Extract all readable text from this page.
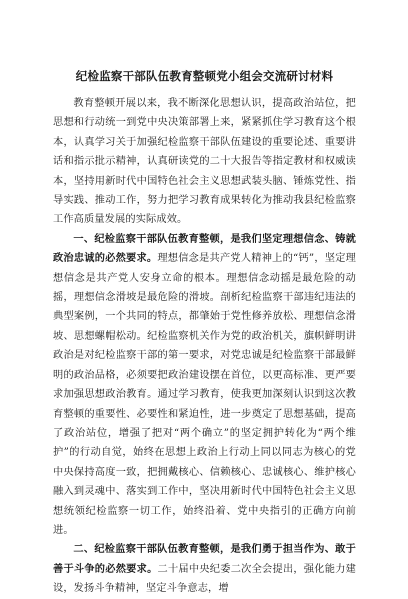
纪检监察干部队伍教育整顿党小组会交流研讨材料

教育整顿开展以来，我不断深化思想认识，提高政治站位，把思想和行动统一到党中央决策部署上来，紧紧抓住学习教育这个根本，认真学习关于加强纪检监察干部队伍建设的重要论述、重要讲话和指示批示精神，认真研读党的二十大报告等指定教材和权威读本，坚持用新时代中国特色社会主义思想武装头脑、锤炼党性、指导实践、推动工作，努力把学习教育成果转化为推动我县纪检监察工作高质量发展的实际成效。

一、纪检监察干部队伍教育整顿，是我们坚定理想信念、铸就政治忠诚的必然要求。理想信念是共产党人精神上的“钙”，坚定理想信念是共产党人安身立命的根本。理想信念动摇是最危险的动摇，理想信念滑坡是最危险的滑坡。剖析纪检监察干部违纪违法的典型案例，一个共同的特点，都肇始于党性修养放松、理想信念滑坡、思想螺帽松动。纪检监察机关作为党的政治机关，旗帜鲜明讲政治是对纪检监察干部的第一要求，对党忠诚是纪检监察干部最鲜明的政治品格，必须要把政治建设摆在首位，以更高标准、更严要求加强思想政治教育。通过学习教育，使我更加深刻认识到这次教育整顿的重要性、必要性和紧迫性，进一步奠定了思想基础，提高了政治站位，增强了把对“两个确立”的坚定拥护转化为“两个维护”的行动自觉，始终在思想上政治上行动上同以同志为核心的党中央保持高度一致，把拥戴核心、信赖核心、忠诚核心、维护核心融入到灵魂中、落实到工作中，坚决用新时代中国特色社会主义思想统领纪检监察一切工作，始终沿着、党中央指引的正确方向前进。

二、纪检监察干部队伍教育整顿，是我们勇于担当作为、敢于善于斗争的必然要求。二十届中央纪委二次全会提出，强化能力建设，发扬斗争精神，坚定斗争意志，增
